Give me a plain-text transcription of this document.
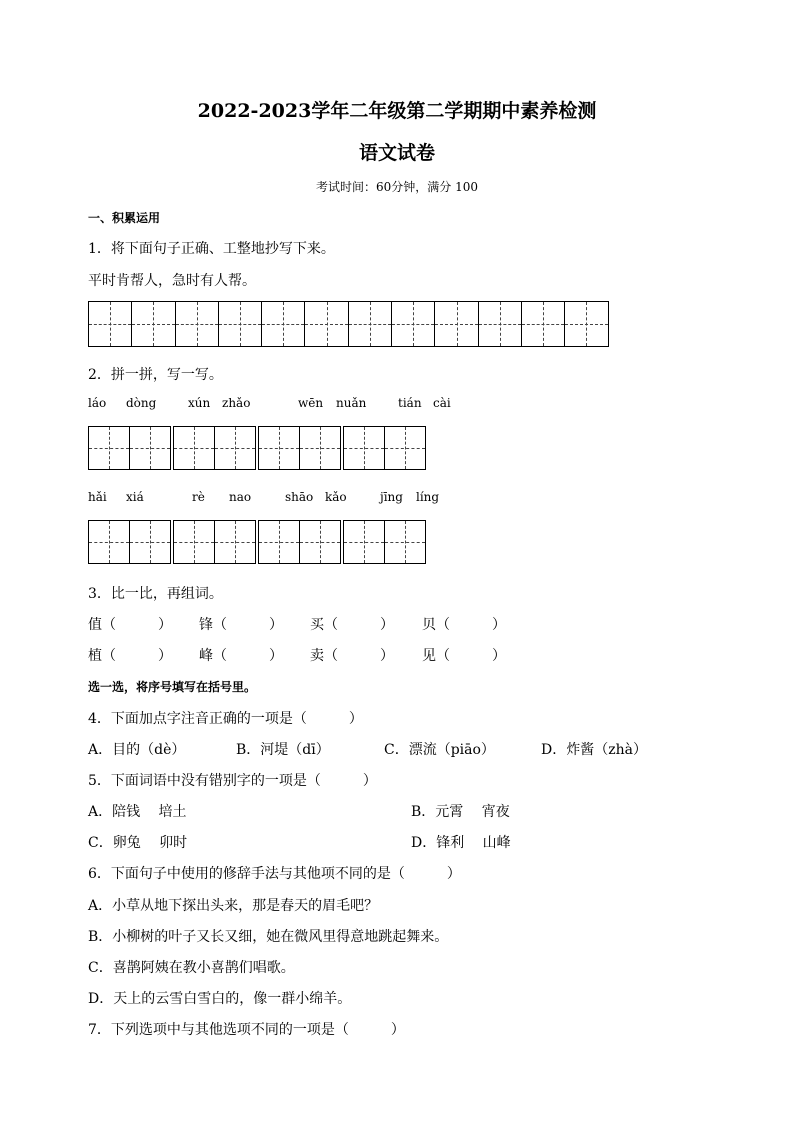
2022-2023学年二年级第二学期期中素养检测
语文试卷
考试时间：60分钟，满分 100
一、积累运用
1．将下面句子正确、工整地抄写下来。
平时肯帮人，急时有人帮。
2．拼一拼，写一写。
láo dòng	xún zhǎo	wēn nuǎn	tián cài
hǎi xiá	rè nao	shāo kǎo	jīng líng
3．比一比，再组词。
值（　　　） 锋（　　　） 买（　　　） 贝（　　　）
植（　　　） 峰（　　　） 卖（　　　） 见（　　　）
选一选，将序号填写在括号里。
4．下面加点字注音正确的一项是（　　　）
A．目的（dè）	B．河堤（dī）	C．漂流（piāo）	D．炸酱（zhà）
5．下面词语中没有错别字的一项是（　　　）
A．陪钱　 培土	B．元霄　 宵夜
C．卵兔　 卯时	D．锋利　 山峰
6．下面句子中使用的修辞手法与其他项不同的是（　　　）
A．小草从地下探出头来，那是春天的眉毛吧？
B．小柳树的叶子又长又细，她在微风里得意地跳起舞来。
C．喜鹊阿姨在教小喜鹊们唱歌。
D．天上的云雪白雪白的，像一群小绵羊。
7．下列选项中与其他选项不同的一项是（　　　）
